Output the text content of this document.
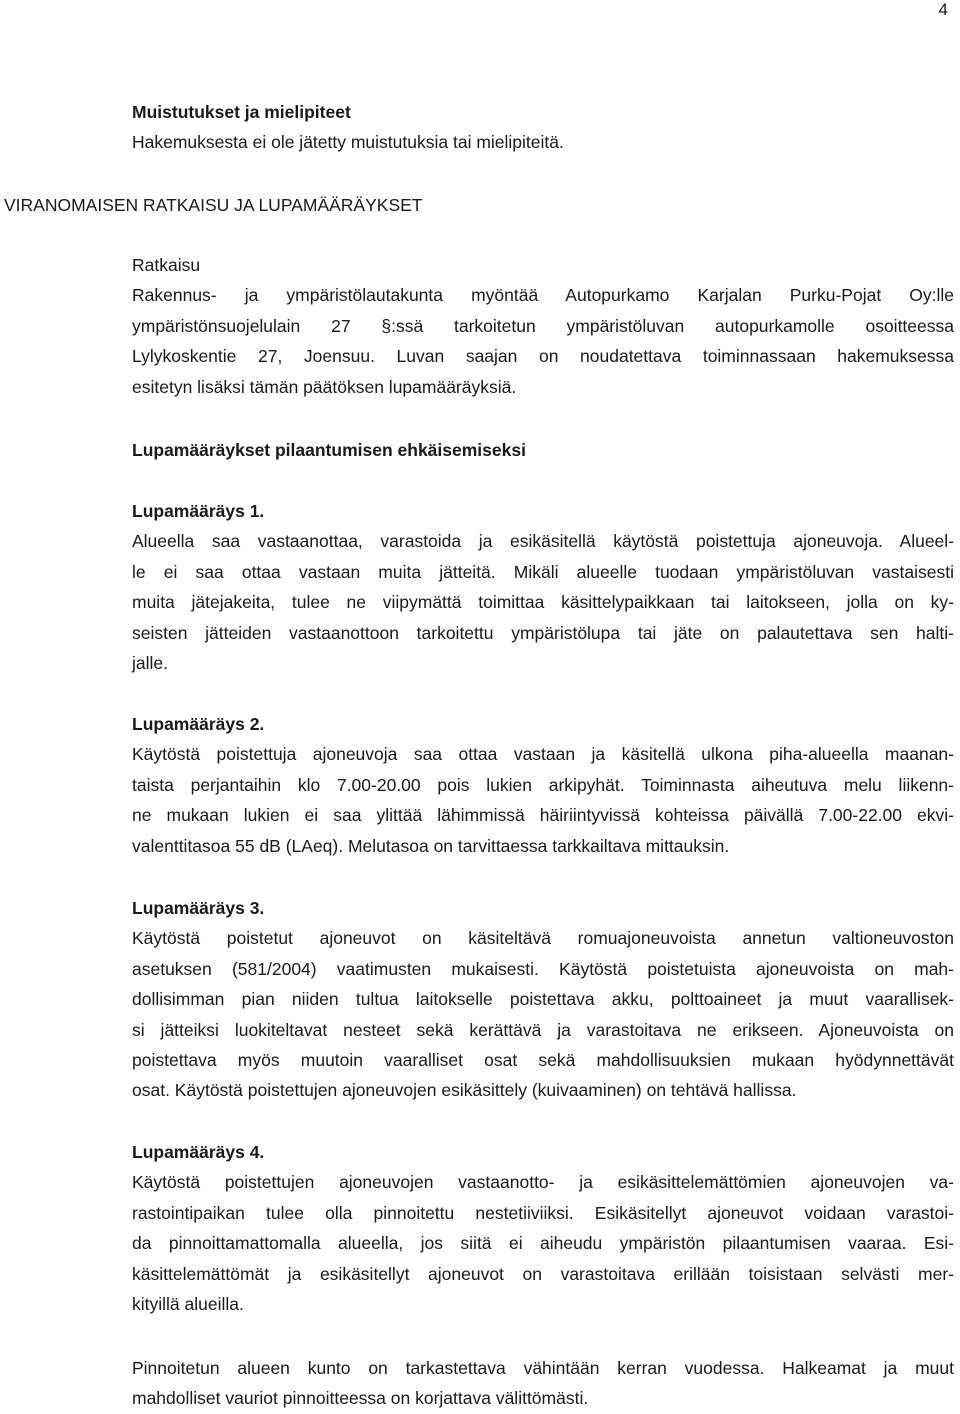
4
Muistutukset ja mielipiteet
Hakemuksesta ei ole jätetty muistutuksia tai mielipiteitä.
VIRANOMAISEN RATKAISU JA LUPAMÄÄRÄYKSET
Ratkaisu
Rakennus- ja ympäristölautakunta myöntää Autopurkamo Karjalan Purku-Pojat Oy:lle
ympäristönsuojelulain 27 §:ssä tarkoitetun ympäristöluvan autopurkamolle osoitteessa
Lylykoskentie 27, Joensuu. Luvan saajan on noudatettava toiminnassaan hakemuksessa
esitetyn lisäksi tämän päätöksen lupamääräyksiä.
Lupamääräykset pilaantumisen ehkäisemiseksi
Lupamääräys 1.
Alueella saa vastaanottaa, varastoida ja esikäsitellä käytöstä poistettuja ajoneuvoja. Alueel-
le ei saa ottaa vastaan muita jätteitä. Mikäli alueelle tuodaan ympäristöluvan vastaisesti
muita jätejakeita, tulee ne viipymättä toimittaa käsittelypaikkaan tai laitokseen, jolla on ky-
seisten jätteiden vastaanottoon tarkoitettu ympäristölupa tai jäte on palautettava sen halti-
jalle.
Lupamääräys 2.
Käytöstä poistettuja ajoneuvoja saa ottaa vastaan ja käsitellä ulkona piha-alueella maanan-
taista perjantaihin klo 7.00-20.00 pois lukien arkipyhät. Toiminnasta aiheutuva melu liikenn-
ne mukaan lukien ei saa ylittää lähimmissä häiriintyvissä kohteissa päivällä 7.00-22.00 ekvi-
valenttitasoa 55 dB (LAeq). Melutasoa on tarvittaessa tarkkailtava mittauksin.
Lupamääräys 3.
Käytöstä poistetut ajoneuvot on käsiteltävä romuajoneuvoista annetun valtioneuvoston
asetuksen (581/2004) vaatimusten mukaisesti. Käytöstä poistetuista ajoneuvoista on mah-
dollisimman pian niiden tultua laitokselle poistettava akku, polttoaineet ja muut vaarallisek-
si jätteiksi luokiteltavat nesteet sekä kerättävä ja varastoitava ne erikseen. Ajoneuvoista on
poistettava myös muutoin vaaralliset osat sekä mahdollisuuksien mukaan hyödynnettävät
osat. Käytöstä poistettujen ajoneuvojen esikäsittely (kuivaaminen) on tehtävä hallissa.
Lupamääräys 4.
Käytöstä poistettujen ajoneuvojen vastaanotto- ja esikäsittelemättömien ajoneuvojen va-
rastointipaikan tulee olla pinnoitettu nestetiiviiksi. Esikäsitellyt ajoneuvot voidaan varastoi-
da pinnoittamattomalla alueella, jos siitä ei aiheudu ympäristön pilaantumisen vaaraa. Esi-
käsittelemättömät ja esikäsitellyt ajoneuvot on varastoitava erillään toisistaan selvästi mer-
kityillä alueilla.
Pinnoitetun alueen kunto on tarkastettava vähintään kerran vuodessa. Halkeamat ja muut
mahdolliset vauriot pinnoitteessa on korjattava välittömästi.
